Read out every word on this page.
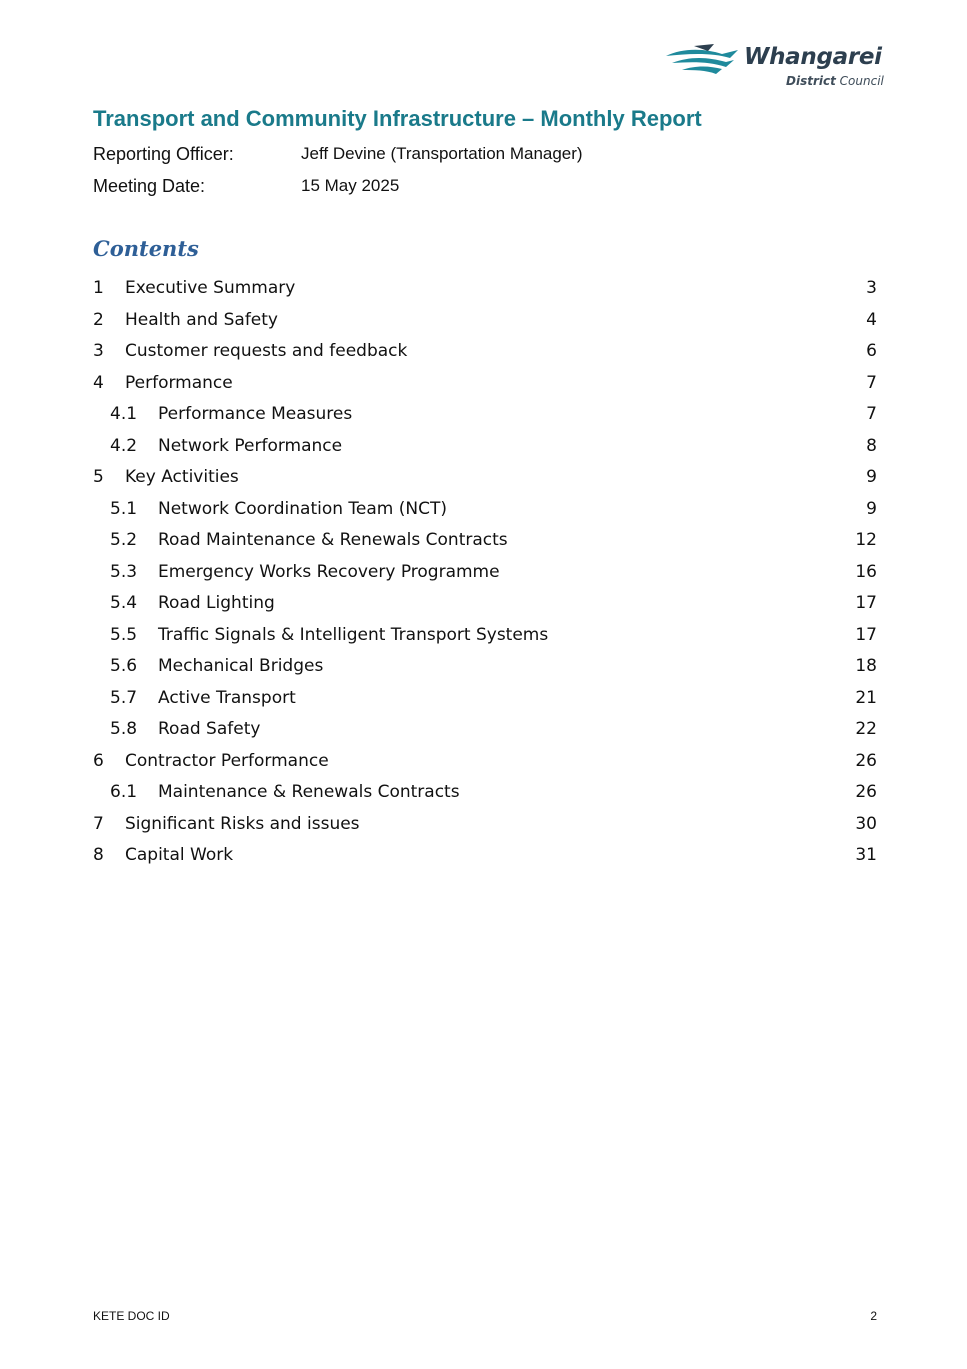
Whangarei
District Council
Transport and Community Infrastructure – Monthly Report
Reporting Officer:	Jeff Devine (Transportation Manager)
Meeting Date:	15 May 2025
Contents
1 Executive Summary	3
2 Health and Safety	4
3 Customer requests and feedback	6
4 Performance	7
4.1 Performance Measures	7
4.2 Network Performance	8
5 Key Activities	9
5.1 Network Coordination Team (NCT)	9
5.2 Road Maintenance & Renewals Contracts	12
5.3 Emergency Works Recovery Programme	16
5.4 Road Lighting	17
5.5 Traffic Signals & Intelligent Transport Systems	17
5.6 Mechanical Bridges	18
5.7 Active Transport	21
5.8 Road Safety	22
6 Contractor Performance	26
6.1 Maintenance & Renewals Contracts	26
7 Significant Risks and issues	30
8 Capital Work	31
KETE DOC ID	2
